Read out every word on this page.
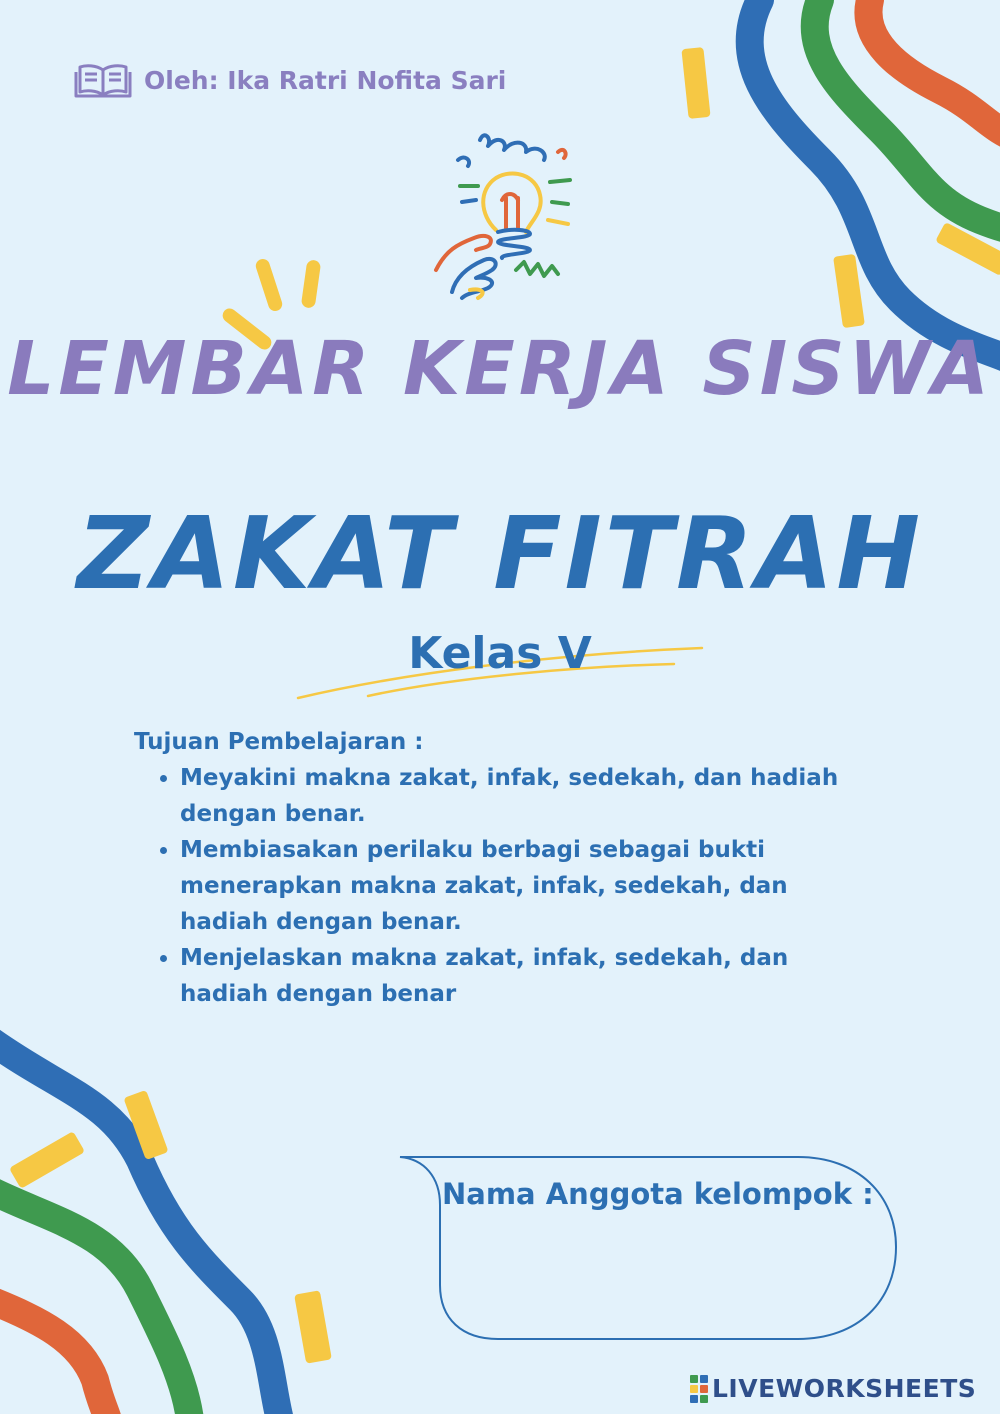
Oleh: Ika Ratri Nofita Sari
LEMBAR KERJA SISWA
ZAKAT FITRAH
Kelas V
Tujuan Pembelajaran :
• Meyakini makna zakat, infak, sedekah, dan hadiah dengan benar.
• Membiasakan perilaku berbagi sebagai bukti menerapkan makna zakat, infak, sedekah, dan hadiah dengan benar.
• Menjelaskan makna zakat, infak, sedekah, dan hadiah dengan benar
Nama Anggota kelompok :
LIVEWORKSHEETS
